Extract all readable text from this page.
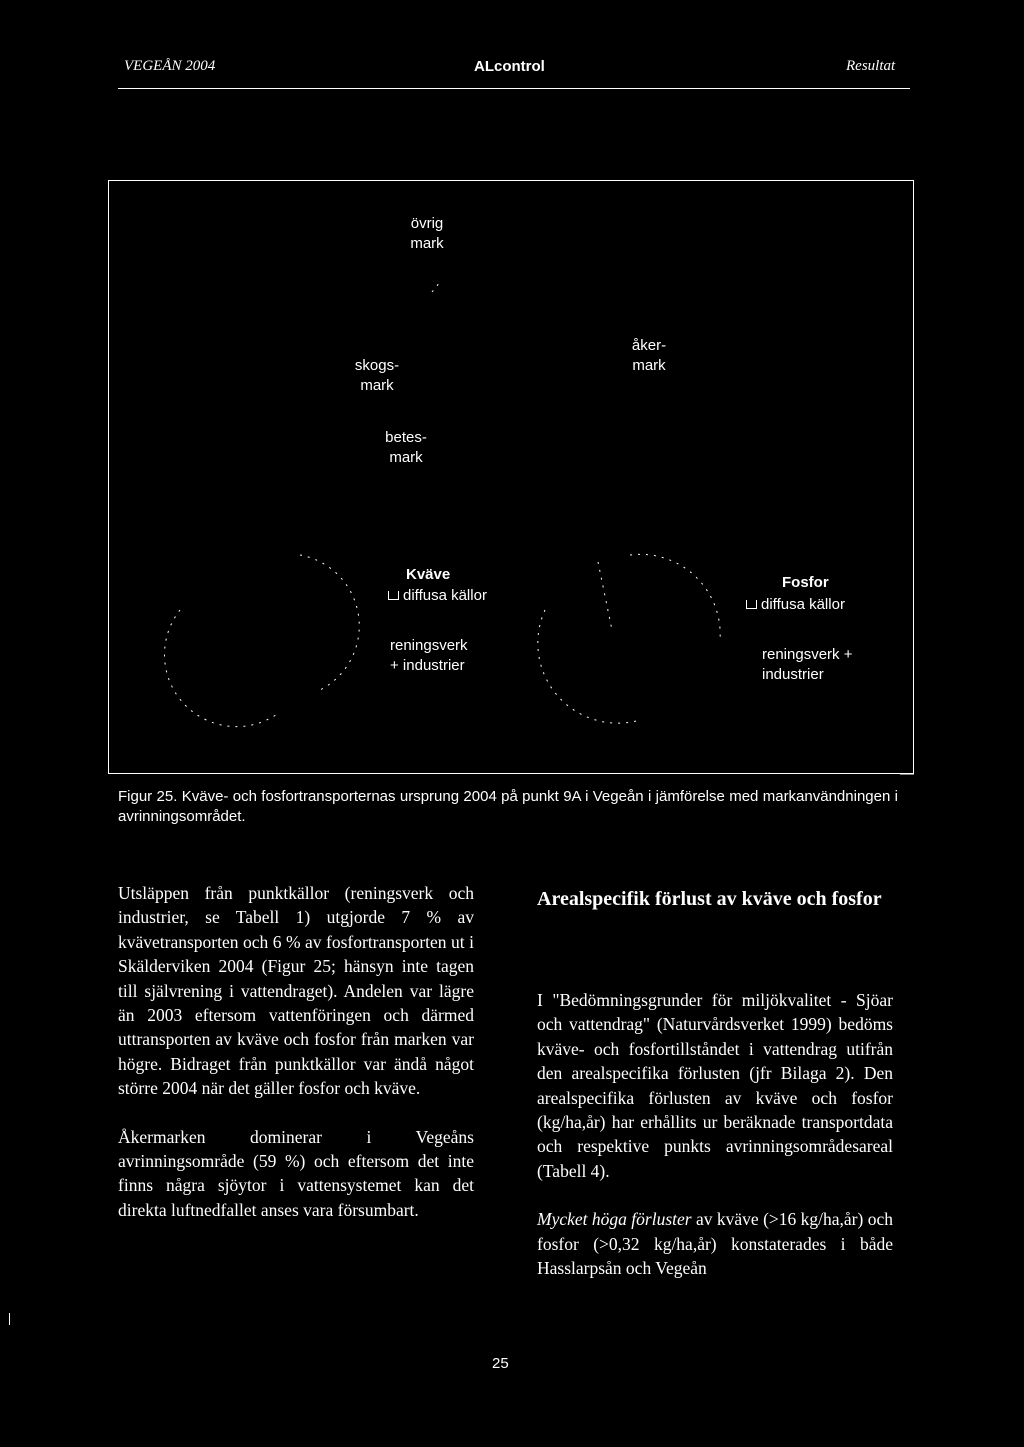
VEGEÅN 2004	ALcontrol	Resultat
övrig
mark
skogs-
mark
åker-
mark
betes-
mark
Kväve
diffusa källor
reningsverk
+ industrier
Fosfor
diffusa källor
reningsverk +
industrier
Figur 25. Kväve- och fosfortransporternas ursprung 2004 på punkt 9A i Vegeån i jämförelse med markanvändningen i avrinningsområdet.

Utsläppen från punktkällor (reningsverk och industrier, se Tabell 1) utgjorde 7 % av kvävetransporten och 6 % av fosfortransporten ut i Skälderviken 2004 (Figur 25; hänsyn inte tagen till självrening i vattendraget). Andelen var lägre än 2003 eftersom vattenföringen och därmed uttransporten av kväve och fosfor från marken var högre. Bidraget från punktkällor var ändå något större 2004 när det gäller fosfor och kväve.

Åkermarken dominerar i Vegeåns avrinningsområde (59 %) och eftersom det inte finns några sjöytor i vattensystemet kan det direkta luftnedfallet anses vara försumbart.

Arealspecifik förlust av kväve och fosfor

I "Bedömningsgrunder för miljökvalitet - Sjöar och vattendrag" (Naturvårdsverket 1999) bedöms kväve- och fosfortillståndet i vattendrag utifrån den arealspecifika förlusten (jfr Bilaga 2). Den arealspecifika förlusten av kväve och fosfor (kg/ha,år) har erhållits ur beräknade transportdata och respektive punkts avrinningsområdesareal (Tabell 4).

Mycket höga förluster av kväve (>16 kg/ha,år) och fosfor (>0,32 kg/ha,år) konstaterades i både Hasslarpsån och Vegeån

25
